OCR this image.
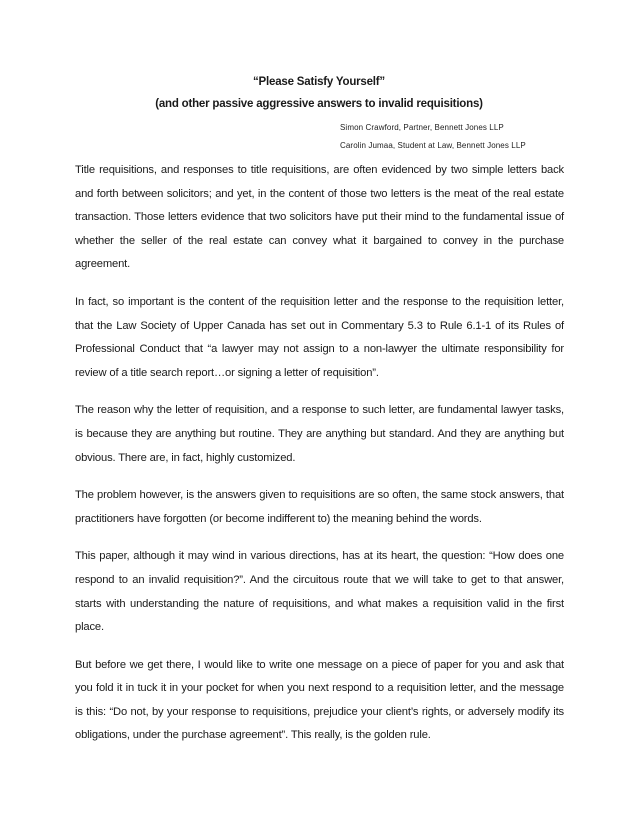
“Please Satisfy Yourself”
(and other passive aggressive answers to invalid requisitions)
Simon Crawford, Partner, Bennett Jones LLP
Carolin Jumaa, Student at Law, Bennett Jones LLP

Title requisitions, and responses to title requisitions, are often evidenced by two simple letters back and forth between solicitors; and yet, in the content of those two letters is the meat of the real estate transaction. Those letters evidence that two solicitors have put their mind to the fundamental issue of whether the seller of the real estate can convey what it bargained to convey in the purchase agreement.

In fact, so important is the content of the requisition letter and the response to the requisition letter, that the Law Society of Upper Canada has set out in Commentary 5.3 to Rule 6.1-1 of its Rules of Professional Conduct that “a lawyer may not assign to a non-lawyer the ultimate responsibility for review of a title search report…or signing a letter of requisition”.

The reason why the letter of requisition, and a response to such letter, are fundamental lawyer tasks, is because they are anything but routine. They are anything but standard. And they are anything but obvious. There are, in fact, highly customized.

The problem however, is the answers given to requisitions are so often, the same stock answers, that practitioners have forgotten (or become indifferent to) the meaning behind the words.

This paper, although it may wind in various directions, has at its heart, the question: “How does one respond to an invalid requisition?”. And the circuitous route that we will take to get to that answer, starts with understanding the nature of requisitions, and what makes a requisition valid in the first place.

But before we get there, I would like to write one message on a piece of paper for you and ask that you fold it in tuck it in your pocket for when you next respond to a requisition letter, and the message is this: “Do not, by your response to requisitions, prejudice your client’s rights, or adversely modify its obligations, under the purchase agreement”. This really, is the golden rule.
